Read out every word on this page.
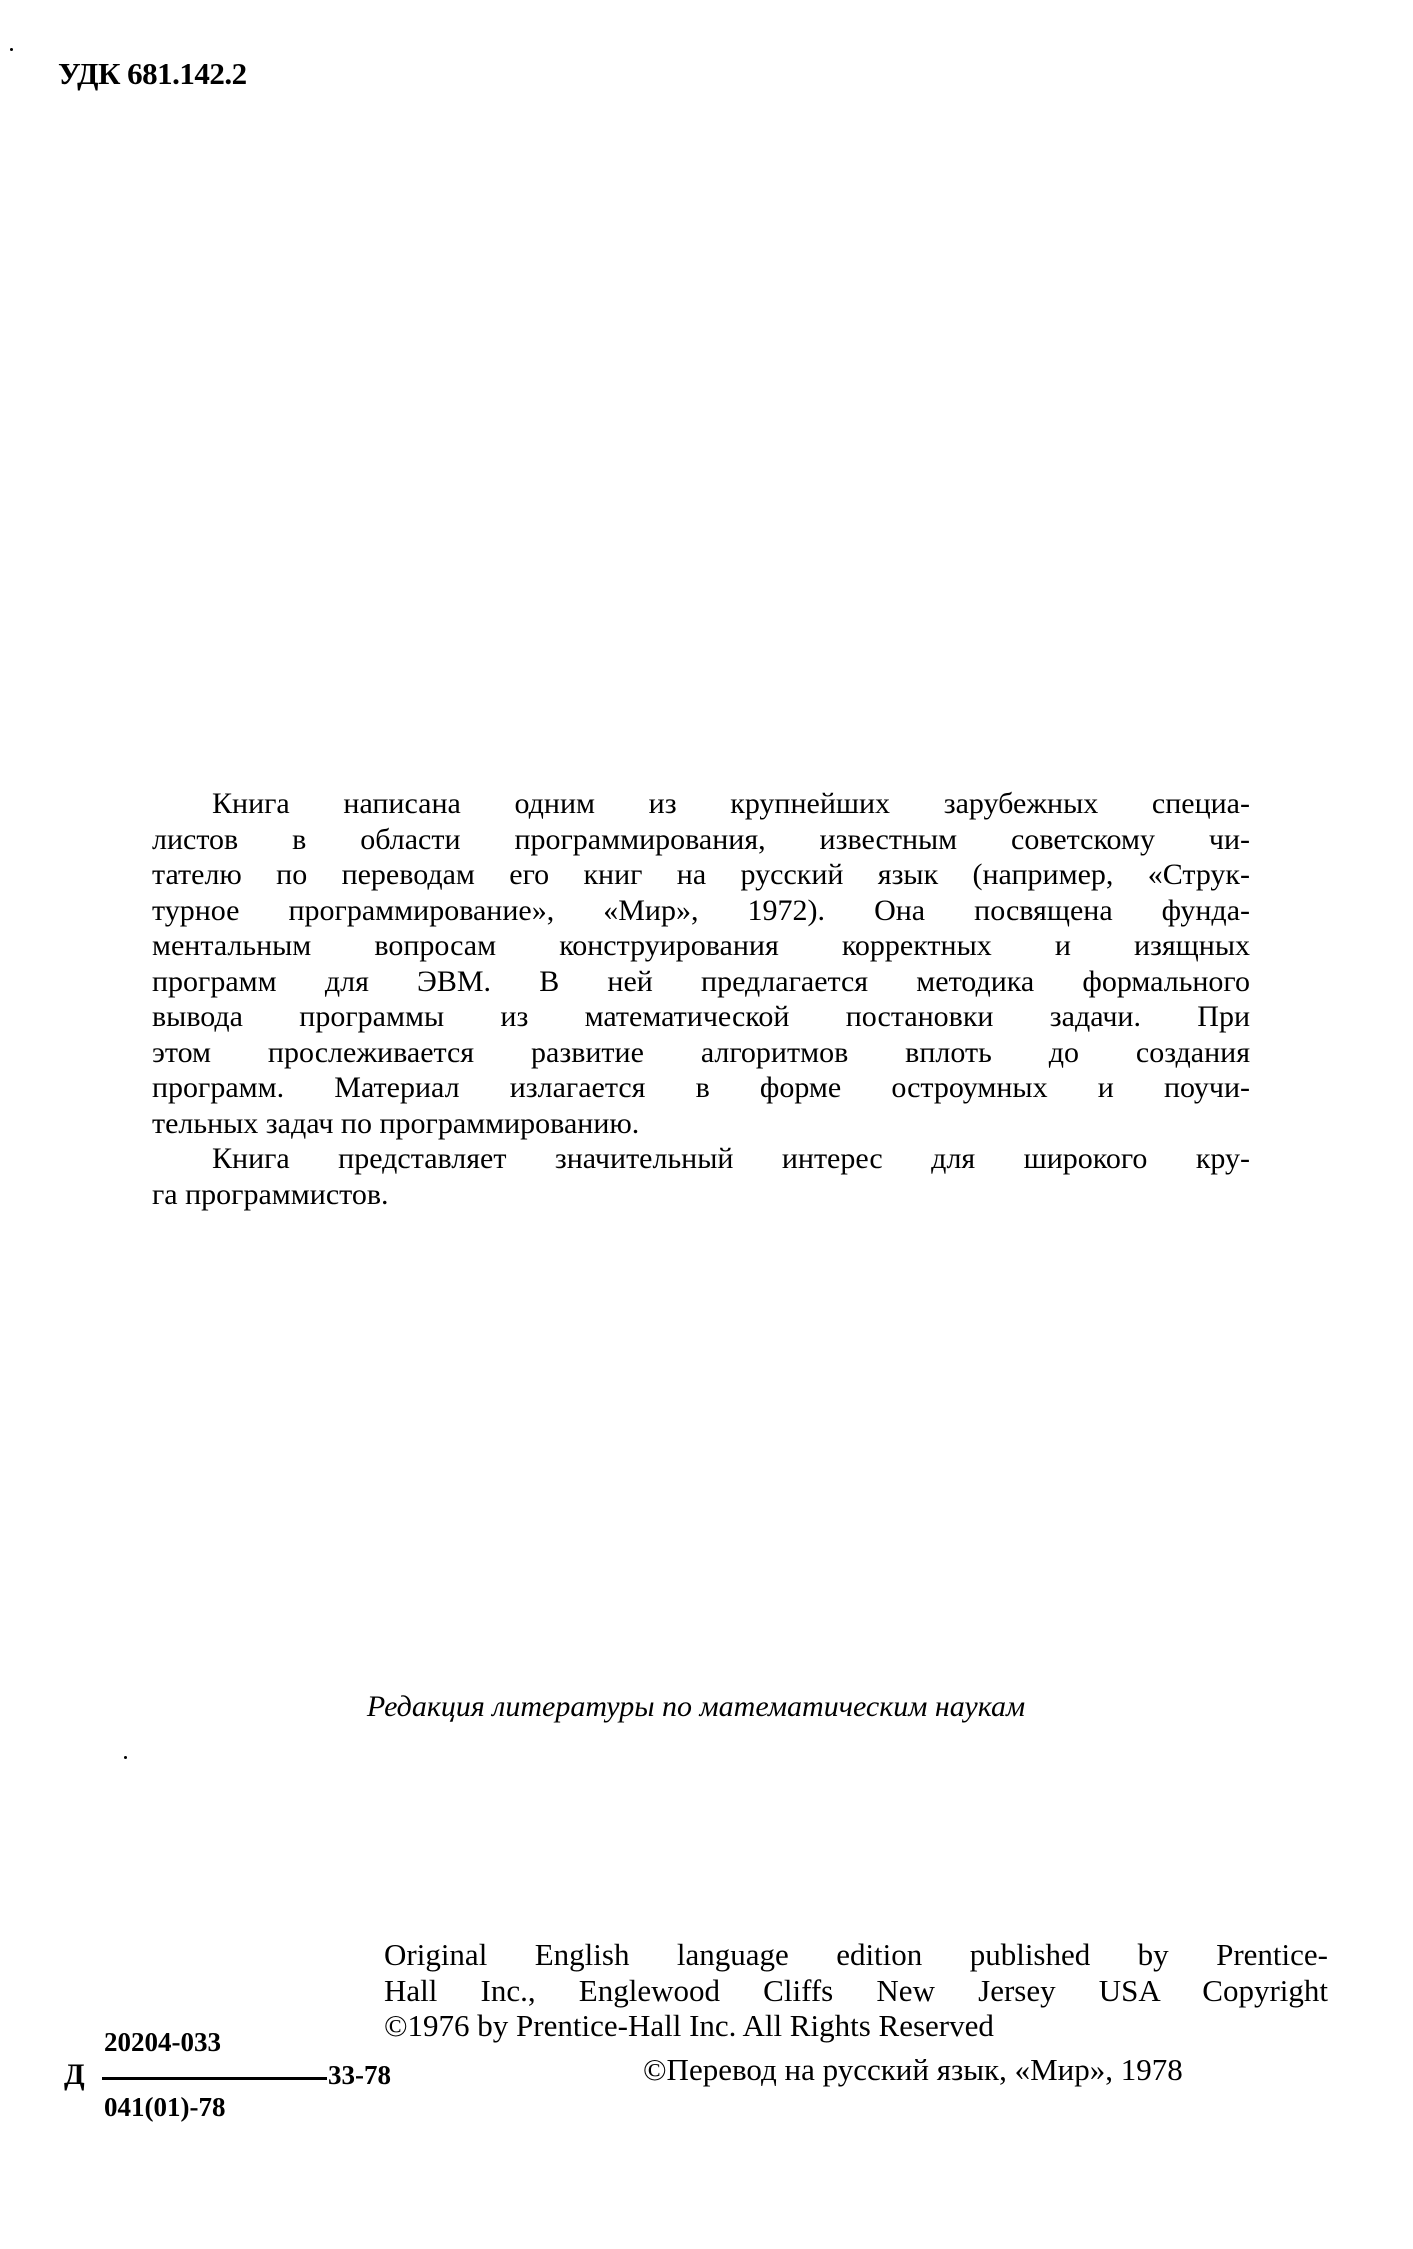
УДК 681.142.2
Книга написана одним из крупнейших зарубежных специа-
листов в области программирования, известным советскому чи-
тателю по переводам его книг на русский язык (например, «Струк-
турное программирование», «Мир», 1972). Она посвящена фунда-
ментальным вопросам конструирования корректных и изящных
программ для ЭВМ. В ней предлагается методика формального
вывода программы из математической постановки задачи. При
этом прослеживается развитие алгоритмов вплоть до создания
программ. Материал излагается в форме остроумных и поучи-
тельных задач по программированию.
Книга представляет значительный интерес для широкого кру-
га программистов.
Редакция литературы по математическим наукам
Original English language edition published by Prentice-
Hall Inc., Englewood Cliffs New Jersey USA Copyright
©1976 by Prentice-Hall Inc. All Rights Reserved
Д
20204-033
041(01)-78
33-78	©Перевод на русский язык, «Мир», 1978
